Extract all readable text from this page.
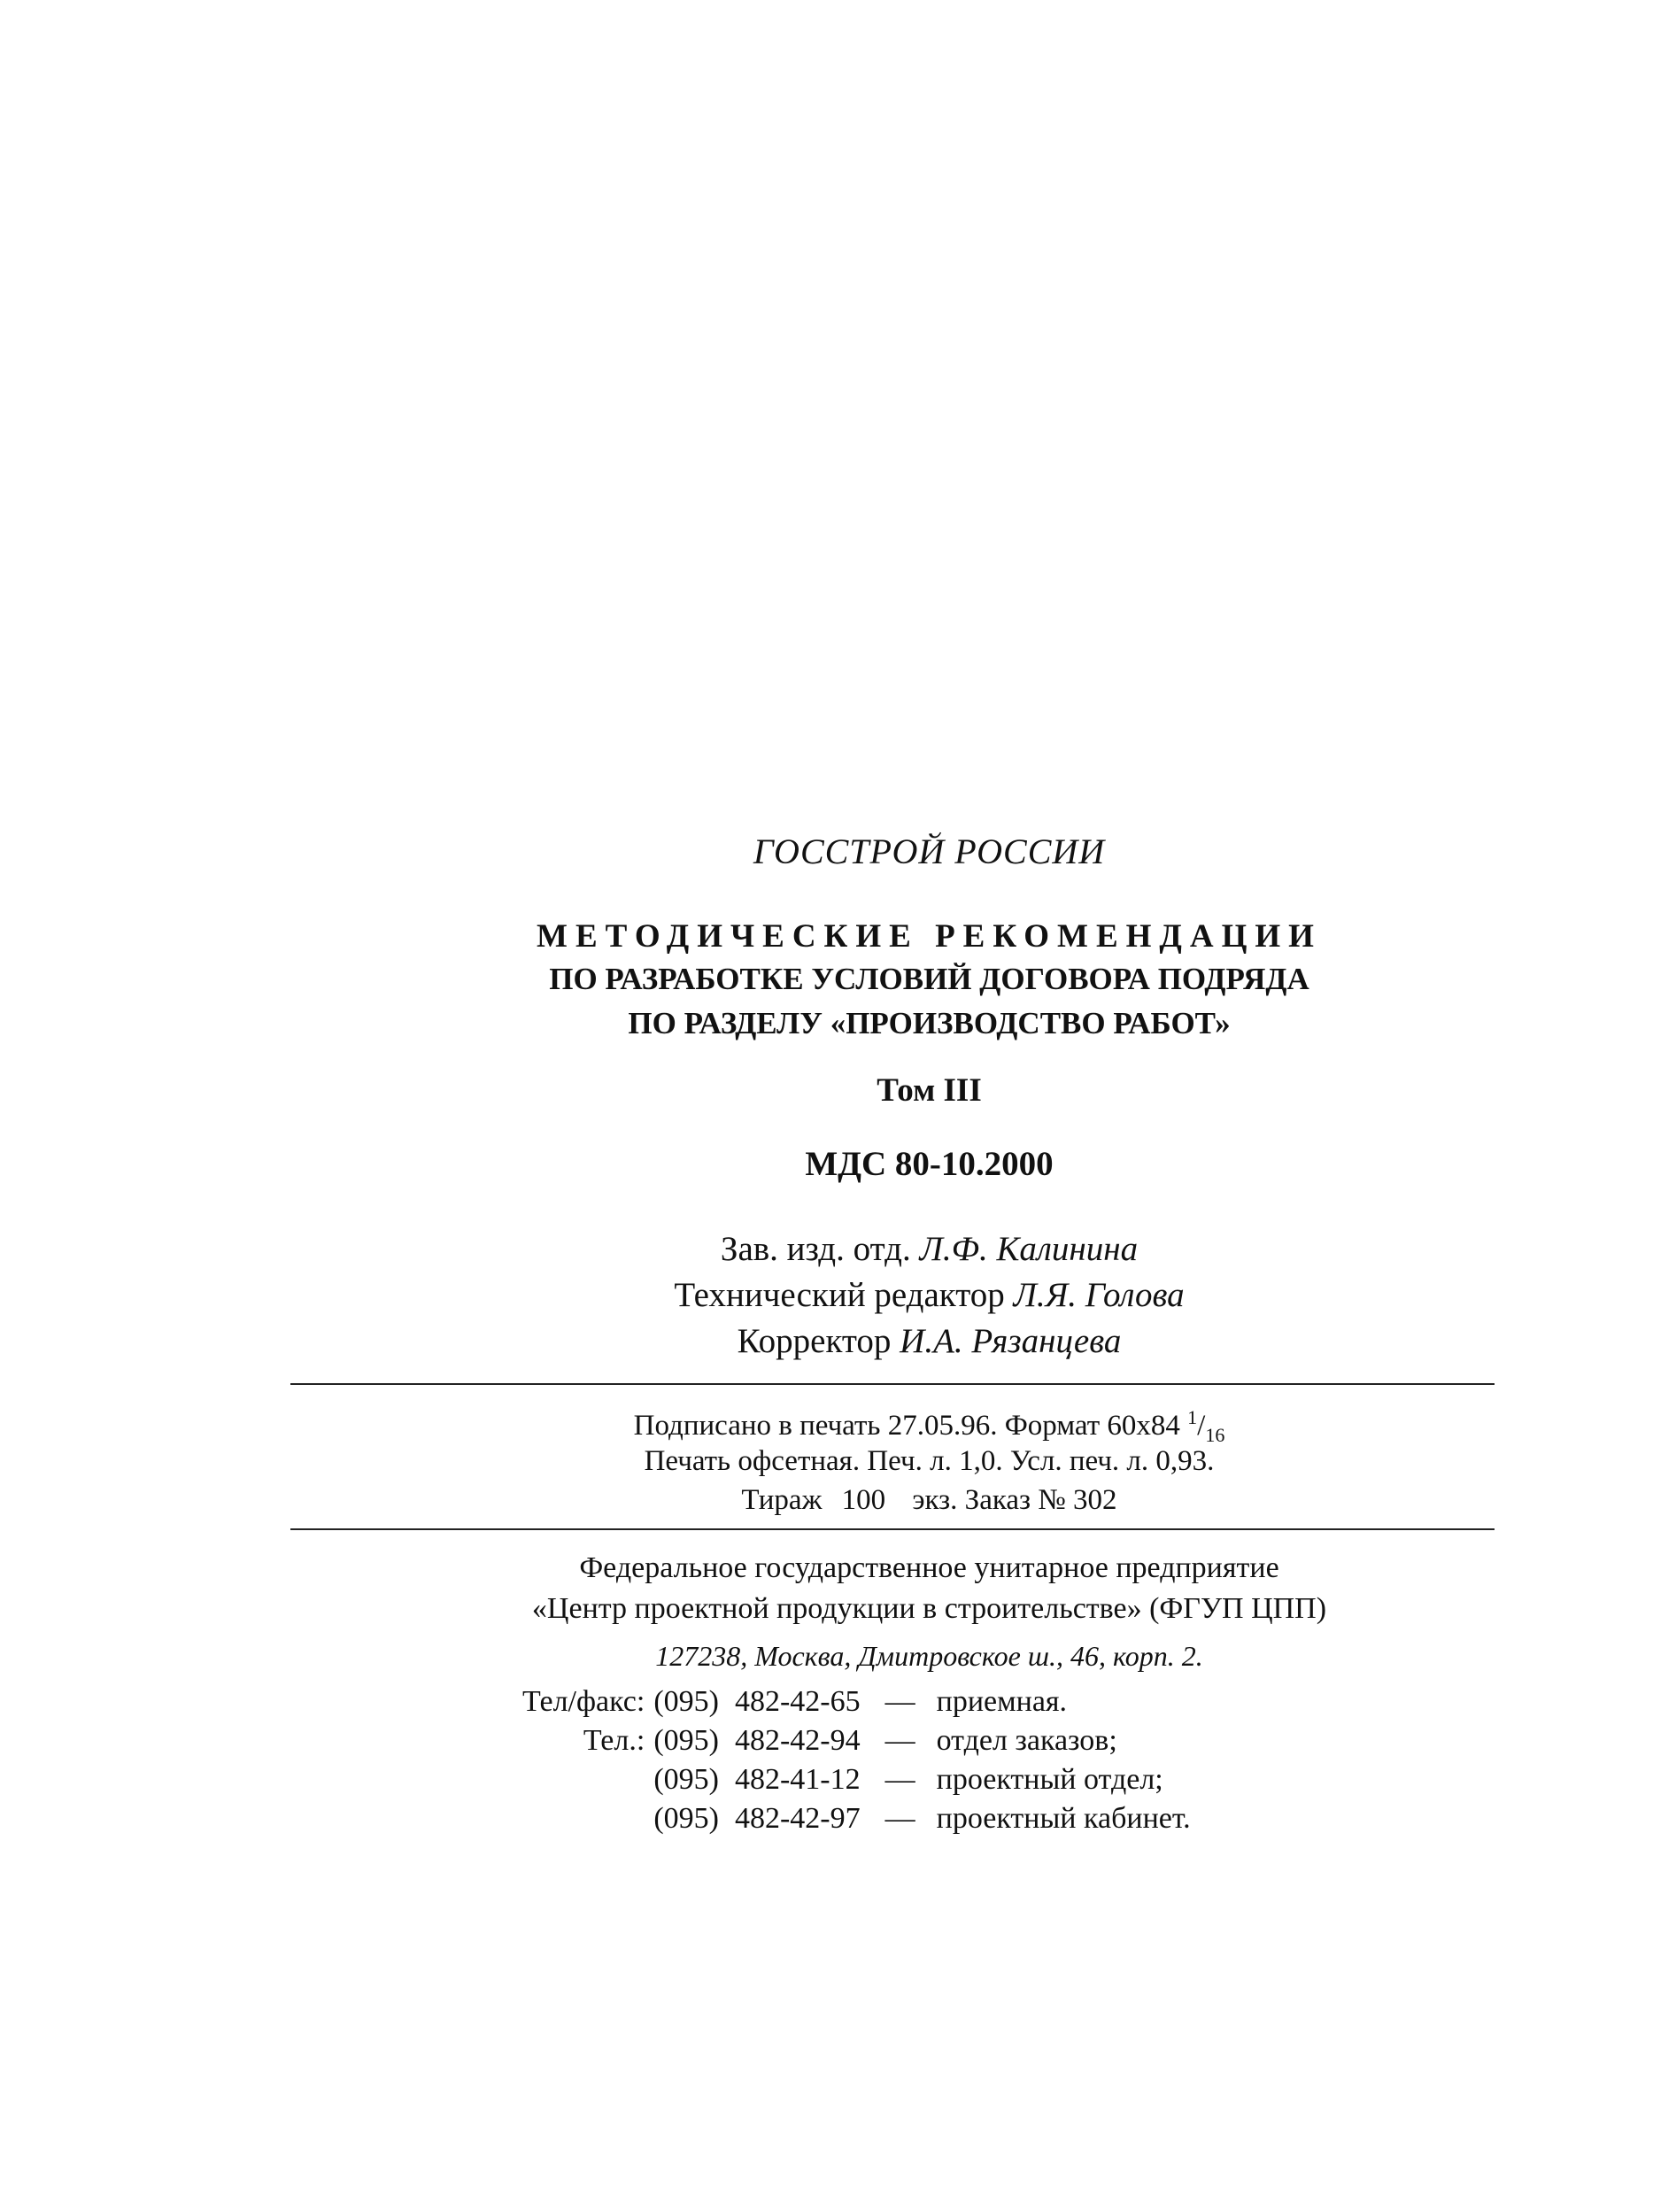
ГОССТРОЙ РОССИИ
МЕТОДИЧЕСКИЕ РЕКОМЕНДАЦИИ
ПО РАЗРАБОТКЕ УСЛОВИЙ ДОГОВОРА ПОДРЯДА
ПО РАЗДЕЛУ «ПРОИЗВОДСТВО РАБОТ»
Том III
МДС 80-10.2000
Зав. изд. отд. Л.Ф. Калинина
Технический редактор Л.Я. Голова
Корректор И.А. Рязанцева
Подписано в печать 27.05.96. Формат 60x84 $^1/_{16}$
Печать офсетная. Печ. л. 1,0. Усл. печ. л. 0,93.
Тираж 100 экз. Заказ № 302
Федеральное государственное унитарное предприятие
«Центр проектной продукции в строительстве» (ФГУП ЦПП)
127238, Москва, Дмитровское ш., 46, корп. 2.
Тел/факс:	(095)	482-42-65	—	приемная.
Тел.:	(095)	482-42-94	—	отдел заказов;
	(095)	482-41-12	—	проектный отдел;
	(095)	482-42-97	—	проектный кабинет.
